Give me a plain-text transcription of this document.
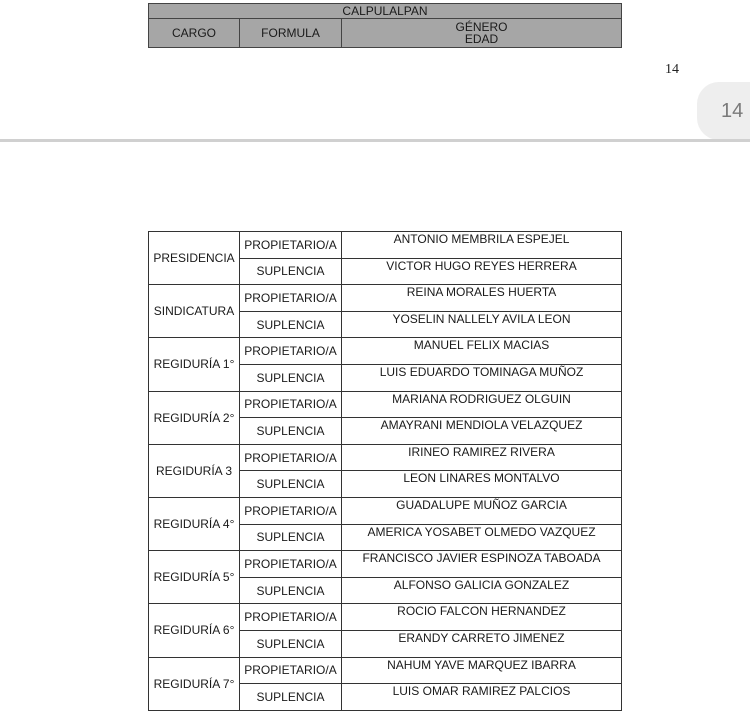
CALPULALPAN
CARGO	FORMULA	GÉNERO
EDAD
14
14
PRESIDENCIA	PROPIETARIO/A	ANTONIO MEMBRILA ESPEJEL
	SUPLENCIA	VICTOR HUGO REYES HERRERA
SINDICATURA	PROPIETARIO/A	REINA MORALES HUERTA
	SUPLENCIA	YOSELIN NALLELY AVILA LEON
REGIDURÍA 1°	PROPIETARIO/A	MANUEL FELIX MACIAS
	SUPLENCIA	LUIS EDUARDO TOMINAGA MUÑOZ
REGIDURÍA 2°	PROPIETARIO/A	MARIANA RODRIGUEZ OLGUIN
	SUPLENCIA	AMAYRANI MENDIOLA VELAZQUEZ
REGIDURÍA 3	PROPIETARIO/A	IRINEO RAMIREZ RIVERA
	SUPLENCIA	LEON LINARES MONTALVO
REGIDURÍA 4°	PROPIETARIO/A	GUADALUPE MUÑOZ GARCIA
	SUPLENCIA	AMERICA YOSABET OLMEDO VAZQUEZ
REGIDURÍA 5°	PROPIETARIO/A	FRANCISCO JAVIER ESPINOZA TABOADA
	SUPLENCIA	ALFONSO GALICIA GONZALEZ
REGIDURÍA 6°	PROPIETARIO/A	ROCIO FALCON HERNANDEZ
	SUPLENCIA	ERANDY CARRETO JIMENEZ
REGIDURÍA 7°	PROPIETARIO/A	NAHUM YAVE MARQUEZ IBARRA
	SUPLENCIA	LUIS OMAR RAMIREZ PALCIOS
